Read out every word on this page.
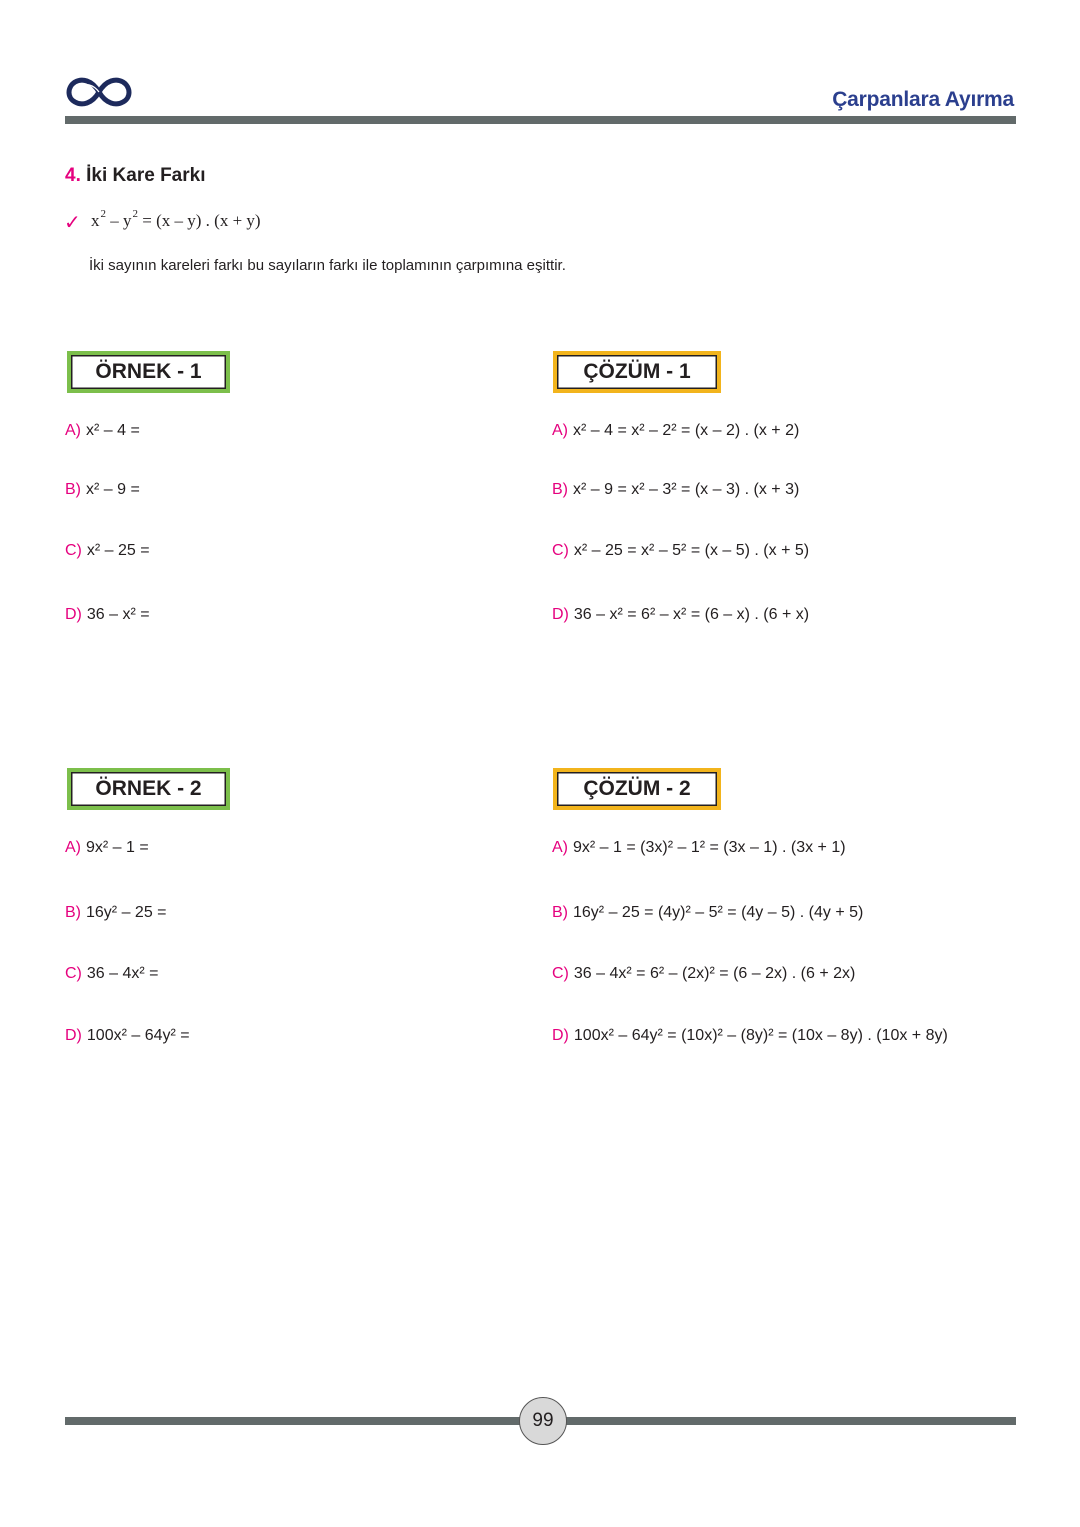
Çarpanlara Ayırma
4. İki Kare Farkı
✓ $x^2 - y^2 = (x - y)$ . (x + y)
İki sayının kareleri farkı bu sayıların farkı ile toplamının çarpımına eşittir.
ÖRNEK - 1
A) x² – 4 =
B) x² – 9 =
C) x² – 25 =
D) 36 – x² =
ÇÖZÜM - 1
A) x² – 4 = x² – 2² = (x – 2) . (x + 2)
B) x² – 9 = x² – 3² = (x – 3) . (x + 3)
C) x² – 25 = x² – 5² = (x – 5) . (x + 5)
D) 36 – x² = 6² – x² = (6 – x) . (6 + x)
ÖRNEK - 2
A) 9x² – 1 =
B) 16y² – 25 =
C) 36 – 4x² =
D) 100x² – 64y² =
ÇÖZÜM - 2
A) 9x² – 1 = (3x)² – 1² = (3x – 1) . (3x + 1)
B) 16y² – 25 = (4y)² – 5² = (4y – 5) . (4y + 5)
C) 36 – 4x² = 6² – (2x)² = (6 – 2x) . (6 + 2x)
D) 100x² – 64y² = (10x)² – (8y)² = (10x – 8y) . (10x + 8y)
99
